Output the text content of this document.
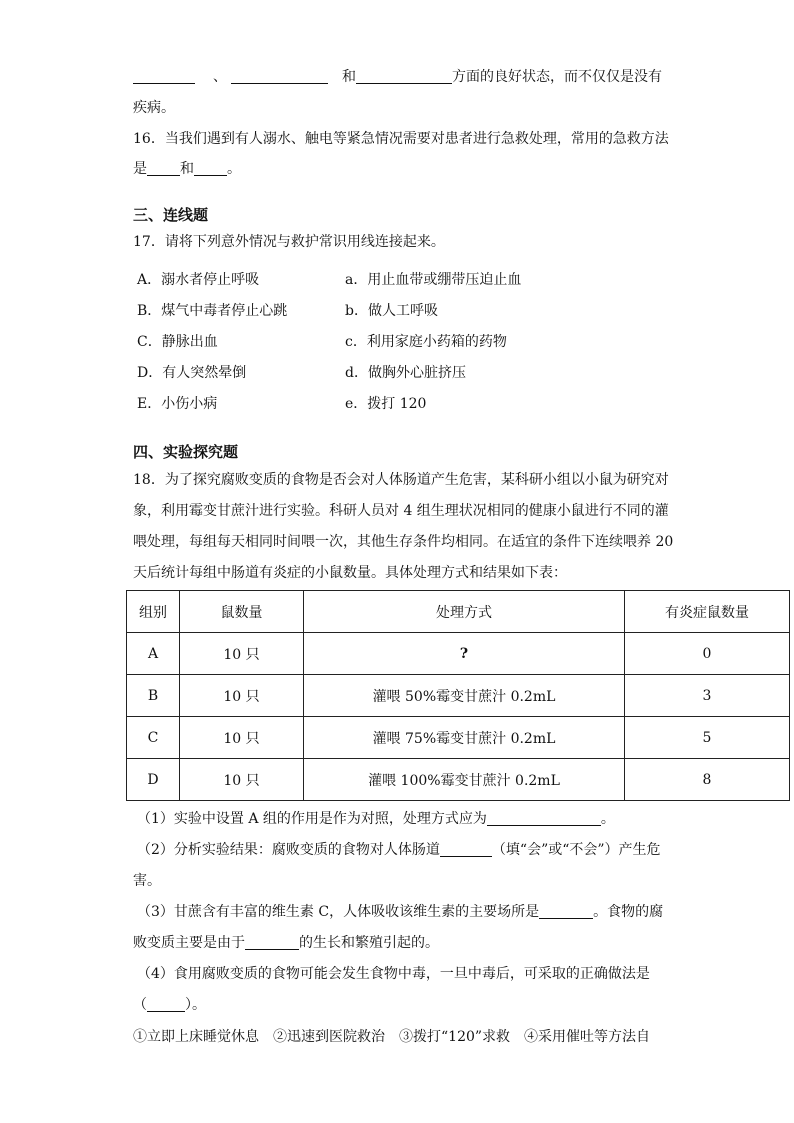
、	和	方面的良好状态，而不仅仅是没有
疾病。
16．当我们遇到有人溺水、触电等紧急情况需要对患者进行急救处理，常用的急救方法
是 和 。
三、连线题
17．请将下列意外情况与救护常识用线连接起来。
A．溺水者停止呼吸
B．煤气中毒者停止心跳
C．静脉出血
D．有人突然晕倒
E．小伤小病
a．用止血带或绷带压迫止血
b．做人工呼吸
c．利用家庭小药箱的药物
d．做胸外心脏挤压
e．拨打 120
四、实验探究题
18．为了探究腐败变质的食物是否会对人体肠道产生危害，某科研小组以小鼠为研究对
象，利用霉变甘蔗汁进行实验。科研人员对 4 组生理状况相同的健康小鼠进行不同的灌
喂处理，每组每天相同时间喂一次，其他生存条件均相同。在适宜的条件下连续喂养 20
天后统计每组中肠道有炎症的小鼠数量。具体处理方式和结果如下表：
组别	鼠数量	处理方式	有炎症鼠数量
A	10 只	?	0
B	10 只	灌喂 50%霉变甘蔗汁 0.2mL	3
C	10 只	灌喂 75%霉变甘蔗汁 0.2mL	5
D	10 只	灌喂 100%霉变甘蔗汁 0.2mL	8
（1）实验中设置 A 组的作用是作为对照，处理方式应为	。
（2）分析实验结果：腐败变质的食物对人体肠道	（填“会”或“不会”）产生危
害。
（3）甘蔗含有丰富的维生素 C，人体吸收该维生素的主要场所是	。食物的腐
败变质主要是由于	的生长和繁殖引起的。
（4）食用腐败变质的食物可能会发生食物中毒，一旦中毒后，可采取的正确做法是
（	）。
①立即上床睡觉休息　②迅速到医院救治　③拨打“120”求救　④采用催吐等方法自
